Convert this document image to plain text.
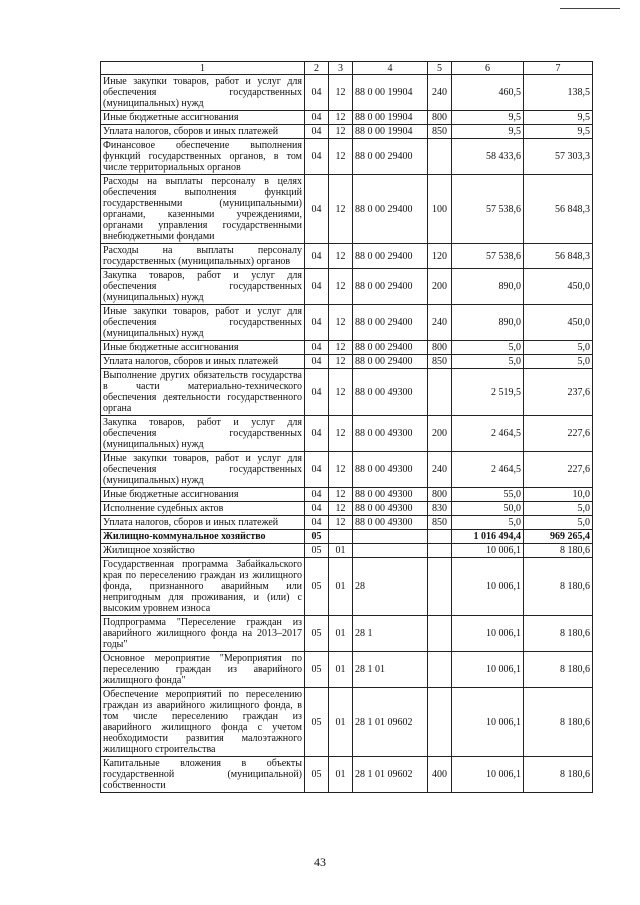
1	2	3	4	5	6	7
Иные закупки товаров, работ и услуг для обеспечения государственных (муниципальных) нужд	04	12	88 0 00 19904	240	460,5	138,5
Иные бюджетные ассигнования	04	12	88 0 00 19904	800	9,5	9,5
Уплата налогов, сборов и иных платежей	04	12	88 0 00 19904	850	9,5	9,5
Финансовое обеспечение выполнения функций государственных органов, в том числе территориальных органов	04	12	88 0 00 29400		58 433,6	57 303,3
Расходы на выплаты персоналу в целях обеспечения выполнения функций государственными (муниципальными) органами, казенными учреждениями, органами управления государственными внебюджетными фондами	04	12	88 0 00 29400	100	57 538,6	56 848,3
Расходы на выплаты персоналу государственных (муниципальных) органов	04	12	88 0 00 29400	120	57 538,6	56 848,3
Закупка товаров, работ и услуг для обеспечения государственных (муниципальных) нужд	04	12	88 0 00 29400	200	890,0	450,0
Иные закупки товаров, работ и услуг для обеспечения государственных (муниципальных) нужд	04	12	88 0 00 29400	240	890,0	450,0
Иные бюджетные ассигнования	04	12	88 0 00 29400	800	5,0	5,0
Уплата налогов, сборов и иных платежей	04	12	88 0 00 29400	850	5,0	5,0
Выполнение других обязательств государства в части материально-технического обеспечения деятельности государственного органа	04	12	88 0 00 49300		2 519,5	237,6
Закупка товаров, работ и услуг для обеспечения государственных (муниципальных) нужд	04	12	88 0 00 49300	200	2 464,5	227,6
Иные закупки товаров, работ и услуг для обеспечения государственных (муниципальных) нужд	04	12	88 0 00 49300	240	2 464,5	227,6
Иные бюджетные ассигнования	04	12	88 0 00 49300	800	55,0	10,0
Исполнение судебных актов	04	12	88 0 00 49300	830	50,0	5,0
Уплата налогов, сборов и иных платежей	04	12	88 0 00 49300	850	5,0	5,0
Жилищно-коммунальное хозяйство	05				1 016 494,4	969 265,4
Жилищное хозяйство	05	01			10 006,1	8 180,6
Государственная программа Забайкальского края по переселению граждан из жилищного фонда, признанного аварийным или непригодным для проживания, и (или) с высоким уровнем износа	05	01	28		10 006,1	8 180,6
Подпрограмма "Переселение граждан из аварийного жилищного фонда на 2013–2017 годы"	05	01	28 1		10 006,1	8 180,6
Основное мероприятие "Мероприятия по переселению граждан из аварийного жилищного фонда"	05	01	28 1 01		10 006,1	8 180,6
Обеспечение мероприятий по переселению граждан из аварийного жилищного фонда, в том числе переселению граждан из аварийного жилищного фонда с учетом необходимости развития малоэтажного жилищного строительства	05	01	28 1 01 09602		10 006,1	8 180,6
Капитальные вложения в объекты государственной (муниципальной) собственности	05	01	28 1 01 09602	400	10 006,1	8 180,6
43
